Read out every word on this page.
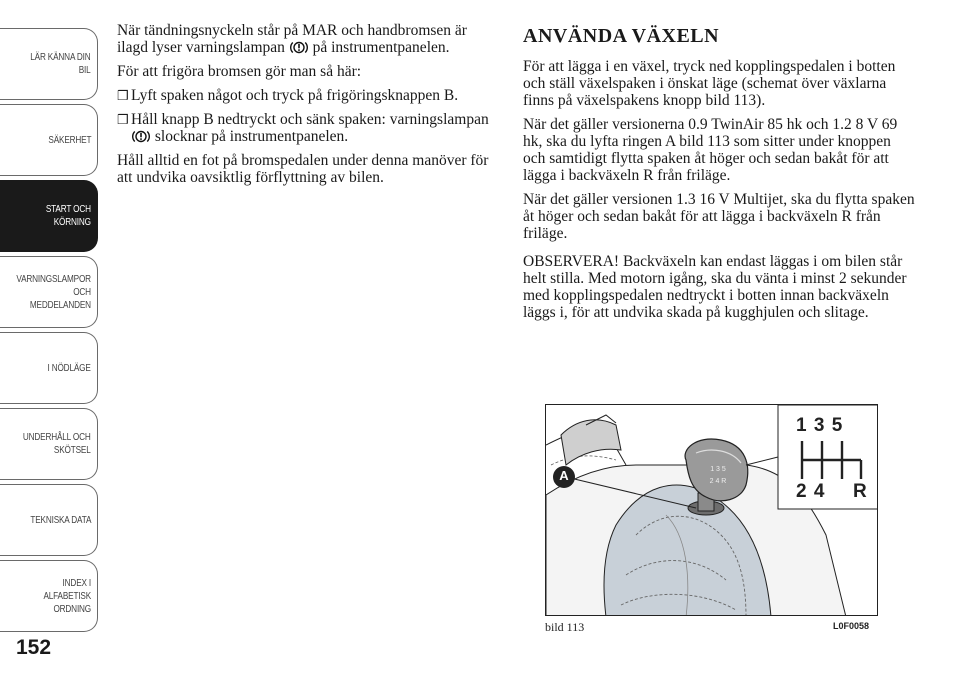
LÄR KÄNNA DIN
BIL
SÄKERHET
START OCH
KÖRNING
VARNINGSLAMPOR
OCH
MEDDELANDEN
I NÖDLÄGE
UNDERHÅLL OCH
SKÖTSEL
TEKNISKA DATA
INDEX I
ALFABETISK
ORDNING
152

När tändningsnyckeln står på MAR och handbromsen är ilagd lyser varningslampan på instrumentpanelen.

För att frigöra bromsen gör man så här:

❒ Lyft spaken något och tryck på frigöringsknappen B.
❒ Håll knapp B nedtryckt och sänk spaken: varningslampan  slocknar på instrumentpanelen.

Håll alltid en fot på bromspedalen under denna manöver för att undvika oavsiktlig förflyttning av bilen.

ANVÄNDA VÄXELN

För att lägga i en växel, tryck ned kopplingspedalen i botten och ställ växelspaken i önskat läge (schemat över växlarna finns på växelspakens knopp bild 113).

När det gäller versionerna 0.9 TwinAir 85 hk och 1.2 8 V 69 hk, ska du lyfta ringen A bild 113 som sitter under knoppen och samtidigt flytta spaken åt höger och sedan bakåt för att lägga i backväxeln R från friläge.

När det gäller versionen 1.3 16 V Multijet, ska du flytta spaken åt höger och sedan bakåt för att lägga i backväxeln R från friläge.

OBSERVERA! Backväxeln kan endast läggas i om bilen står helt stilla. Med motorn igång, ska du vänta i minst 2 sekunder med kopplingspedalen nedtryckt i botten innan backväxeln läggs i, för att undvika skada på kugghjulen och slitage.

1 3 5
2 4 R
A
1 3 5
2 4 R
bild 113	L0F0058
